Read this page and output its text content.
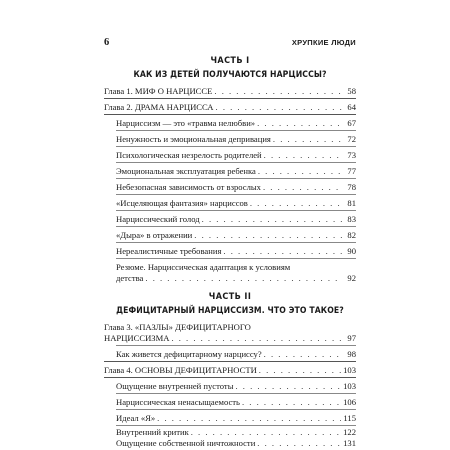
6	ХРУПКИЕ ЛЮДИ
ЧАСТЬ I
КАК ИЗ ДЕТЕЙ ПОЛУЧАЮТСЯ НАРЦИССЫ?
Глава 1. МИФ О НАРЦИССЕ . . .	58
Глава 2. ДРАМА НАРЦИССА . . .	64
Нарциссизм — это «травма нелюбви» . . .	67
Ненужность и эмоциональная депривация . . .	72
Психологическая незрелость родителей . . .	73
Эмоциональная эксплуатация ребенка . . .	77
Небезопасная зависимость от взрослых . . .	78
«Исцеляющая фантазия» нарциссов . . .	81
Нарциссический голод . . .	83
«Дыра» в отражении . . .	82
Нереалистичные требования . . .	90
Резюме. Нарциссическая адаптация к условиям
детства . . .	92
ЧАСТЬ II
ДЕФИЦИТАРНЫЙ НАРЦИССИЗМ. ЧТО ЭТО ТАКОЕ?
Глава 3. «ПАЗЛЫ» ДЕФИЦИТАРНОГО
НАРЦИССИЗМА . . .	97
Как живется дефицитарному нарциссу? . . .	98
Глава 4. ОСНОВЫ ДЕФИЦИТАРНОСТИ . . .	103
Ощущение внутренней пустоты . . .	103
Нарциссическая ненасыщаемость . . .	106
Идеал «Я» . . .	115
Внутренний критик . . .	122
Ощущение собственной ничтожности . . .	131
